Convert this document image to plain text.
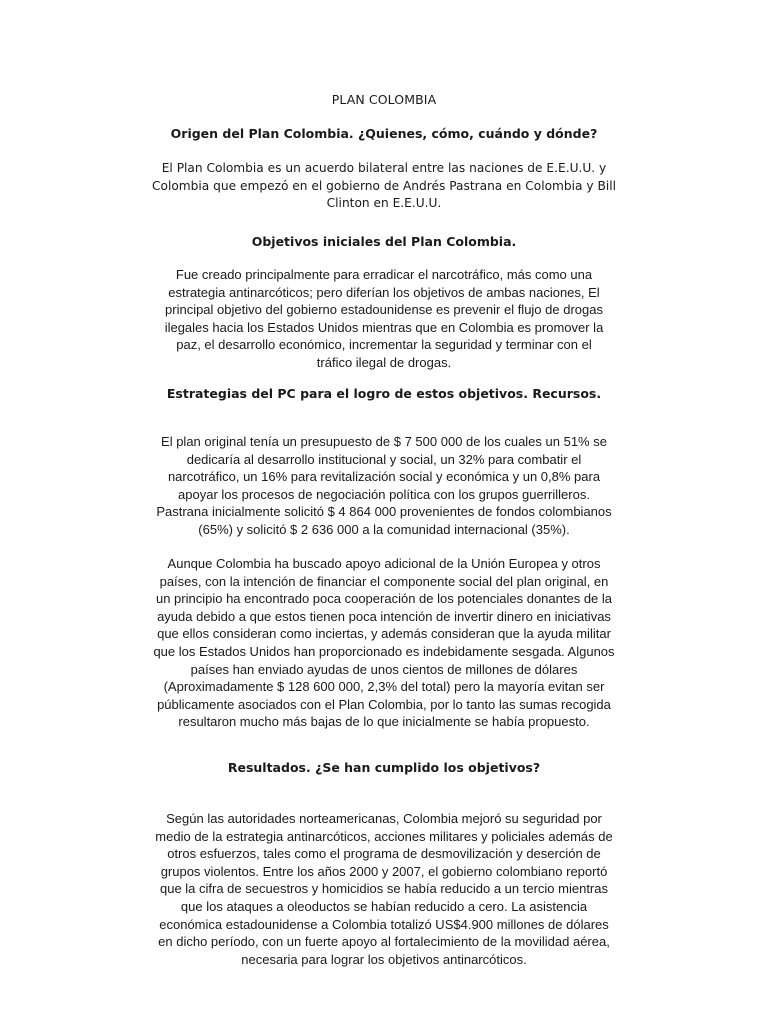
PLAN COLOMBIA
Origen del Plan Colombia. ¿Quienes, cómo, cuándo y dónde?
El Plan Colombia es un acuerdo bilateral entre las naciones de E.E.U.U. y Colombia que empezó en el gobierno de Andrés Pastrana en Colombia y Bill Clinton en E.E.U.U.
Objetivos iniciales del Plan Colombia.
Fue creado principalmente para erradicar el narcotráfico, más como una estrategia antinarcóticos; pero diferían los objetivos de ambas naciones, El principal objetivo del gobierno estadounidense es prevenir el flujo de drogas ilegales hacia los Estados Unidos mientras que en Colombia es promover la paz, el desarrollo económico, incrementar la seguridad y terminar con el tráfico ilegal de drogas.
Estrategias del PC para el logro de estos objetivos. Recursos.
El plan original tenía un presupuesto de $ 7 500 000 de los cuales un 51% se dedicaría al desarrollo institucional y social, un 32% para combatir el narcotráfico, un 16% para revitalización social y económica y un 0,8% para apoyar los procesos de negociación política con los grupos guerrilleros. Pastrana inicialmente solicitó $ 4 864 000 provenientes de fondos colombianos (65%) y solicitó $ 2 636 000 a la comunidad internacional (35%).
Aunque Colombia ha buscado apoyo adicional de la Unión Europea y otros países, con la intención de financiar el componente social del plan original, en un principio ha encontrado poca cooperación de los potenciales donantes de la ayuda debido a que estos tienen poca intención de invertir dinero en iniciativas que ellos consideran como inciertas, y además consideran que la ayuda militar que los Estados Unidos han proporcionado es indebidamente sesgada. Algunos países han enviado ayudas de unos cientos de millones de dólares (Aproximadamente $ 128 600 000, 2,3% del total) pero la mayoría evitan ser públicamente asociados con el Plan Colombia, por lo tanto las sumas recogida resultaron mucho más bajas de lo que inicialmente se había propuesto.
Resultados. ¿Se han cumplido los objetivos?
Según las autoridades norteamericanas, Colombia mejoró su seguridad por medio de la estrategia antinarcóticos, acciones militares y policiales además de otros esfuerzos, tales como el programa de desmovilización y deserción de grupos violentos. Entre los años 2000 y 2007, el gobierno colombiano reportó que la cifra de secuestros y homicidios se había reducido a un tercio mientras que los ataques a oleoductos se habían reducido a cero. La asistencia económica estadounidense a Colombia totalizó US$4.900 millones de dólares en dicho período, con un fuerte apoyo al fortalecimiento de la movilidad aérea, necesaria para lograr los objetivos antinarcóticos.
